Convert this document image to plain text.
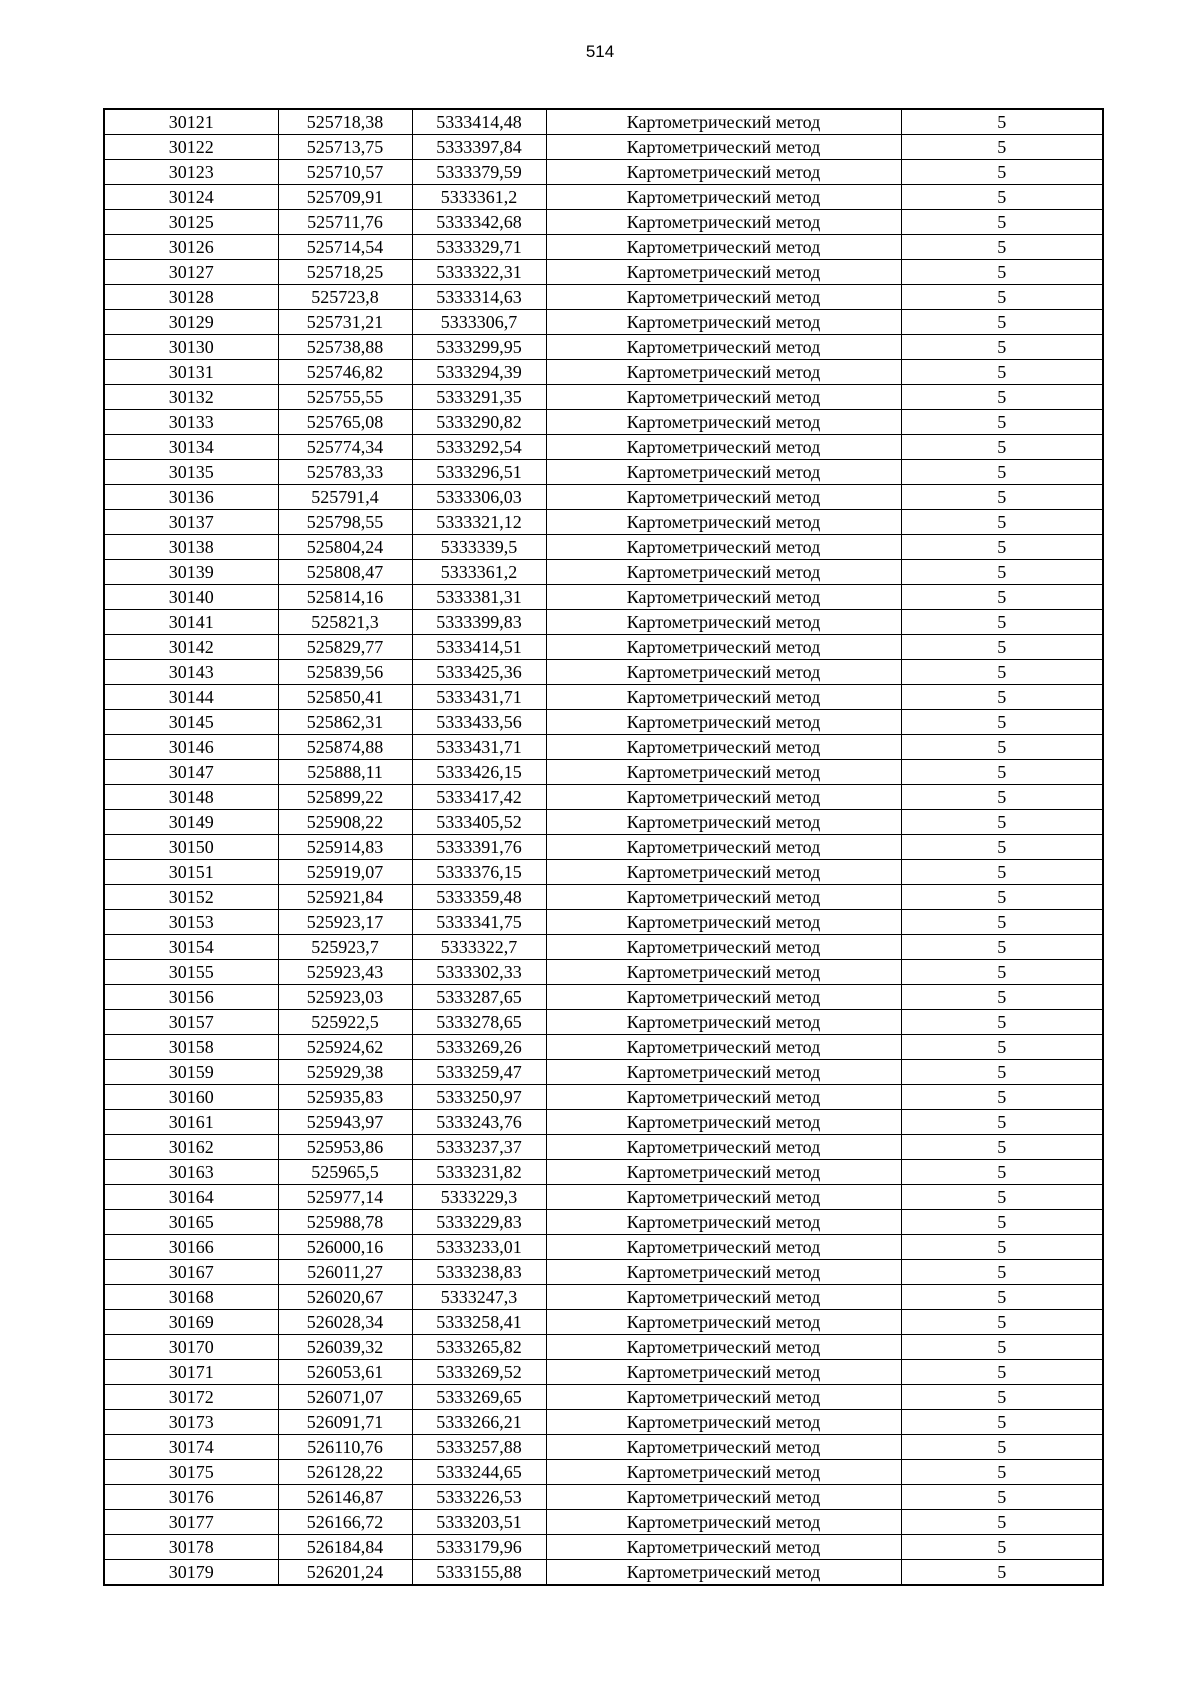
514
30121	525718,38	5333414,48	Картометрический метод	5
30122	525713,75	5333397,84	Картометрический метод	5
30123	525710,57	5333379,59	Картометрический метод	5
30124	525709,91	5333361,2	Картометрический метод	5
30125	525711,76	5333342,68	Картометрический метод	5
30126	525714,54	5333329,71	Картометрический метод	5
30127	525718,25	5333322,31	Картометрический метод	5
30128	525723,8	5333314,63	Картометрический метод	5
30129	525731,21	5333306,7	Картометрический метод	5
30130	525738,88	5333299,95	Картометрический метод	5
30131	525746,82	5333294,39	Картометрический метод	5
30132	525755,55	5333291,35	Картометрический метод	5
30133	525765,08	5333290,82	Картометрический метод	5
30134	525774,34	5333292,54	Картометрический метод	5
30135	525783,33	5333296,51	Картометрический метод	5
30136	525791,4	5333306,03	Картометрический метод	5
30137	525798,55	5333321,12	Картометрический метод	5
30138	525804,24	5333339,5	Картометрический метод	5
30139	525808,47	5333361,2	Картометрический метод	5
30140	525814,16	5333381,31	Картометрический метод	5
30141	525821,3	5333399,83	Картометрический метод	5
30142	525829,77	5333414,51	Картометрический метод	5
30143	525839,56	5333425,36	Картометрический метод	5
30144	525850,41	5333431,71	Картометрический метод	5
30145	525862,31	5333433,56	Картометрический метод	5
30146	525874,88	5333431,71	Картометрический метод	5
30147	525888,11	5333426,15	Картометрический метод	5
30148	525899,22	5333417,42	Картометрический метод	5
30149	525908,22	5333405,52	Картометрический метод	5
30150	525914,83	5333391,76	Картометрический метод	5
30151	525919,07	5333376,15	Картометрический метод	5
30152	525921,84	5333359,48	Картометрический метод	5
30153	525923,17	5333341,75	Картометрический метод	5
30154	525923,7	5333322,7	Картометрический метод	5
30155	525923,43	5333302,33	Картометрический метод	5
30156	525923,03	5333287,65	Картометрический метод	5
30157	525922,5	5333278,65	Картометрический метод	5
30158	525924,62	5333269,26	Картометрический метод	5
30159	525929,38	5333259,47	Картометрический метод	5
30160	525935,83	5333250,97	Картометрический метод	5
30161	525943,97	5333243,76	Картометрический метод	5
30162	525953,86	5333237,37	Картометрический метод	5
30163	525965,5	5333231,82	Картометрический метод	5
30164	525977,14	5333229,3	Картометрический метод	5
30165	525988,78	5333229,83	Картометрический метод	5
30166	526000,16	5333233,01	Картометрический метод	5
30167	526011,27	5333238,83	Картометрический метод	5
30168	526020,67	5333247,3	Картометрический метод	5
30169	526028,34	5333258,41	Картометрический метод	5
30170	526039,32	5333265,82	Картометрический метод	5
30171	526053,61	5333269,52	Картометрический метод	5
30172	526071,07	5333269,65	Картометрический метод	5
30173	526091,71	5333266,21	Картометрический метод	5
30174	526110,76	5333257,88	Картометрический метод	5
30175	526128,22	5333244,65	Картометрический метод	5
30176	526146,87	5333226,53	Картометрический метод	5
30177	526166,72	5333203,51	Картометрический метод	5
30178	526184,84	5333179,96	Картометрический метод	5
30179	526201,24	5333155,88	Картометрический метод	5
